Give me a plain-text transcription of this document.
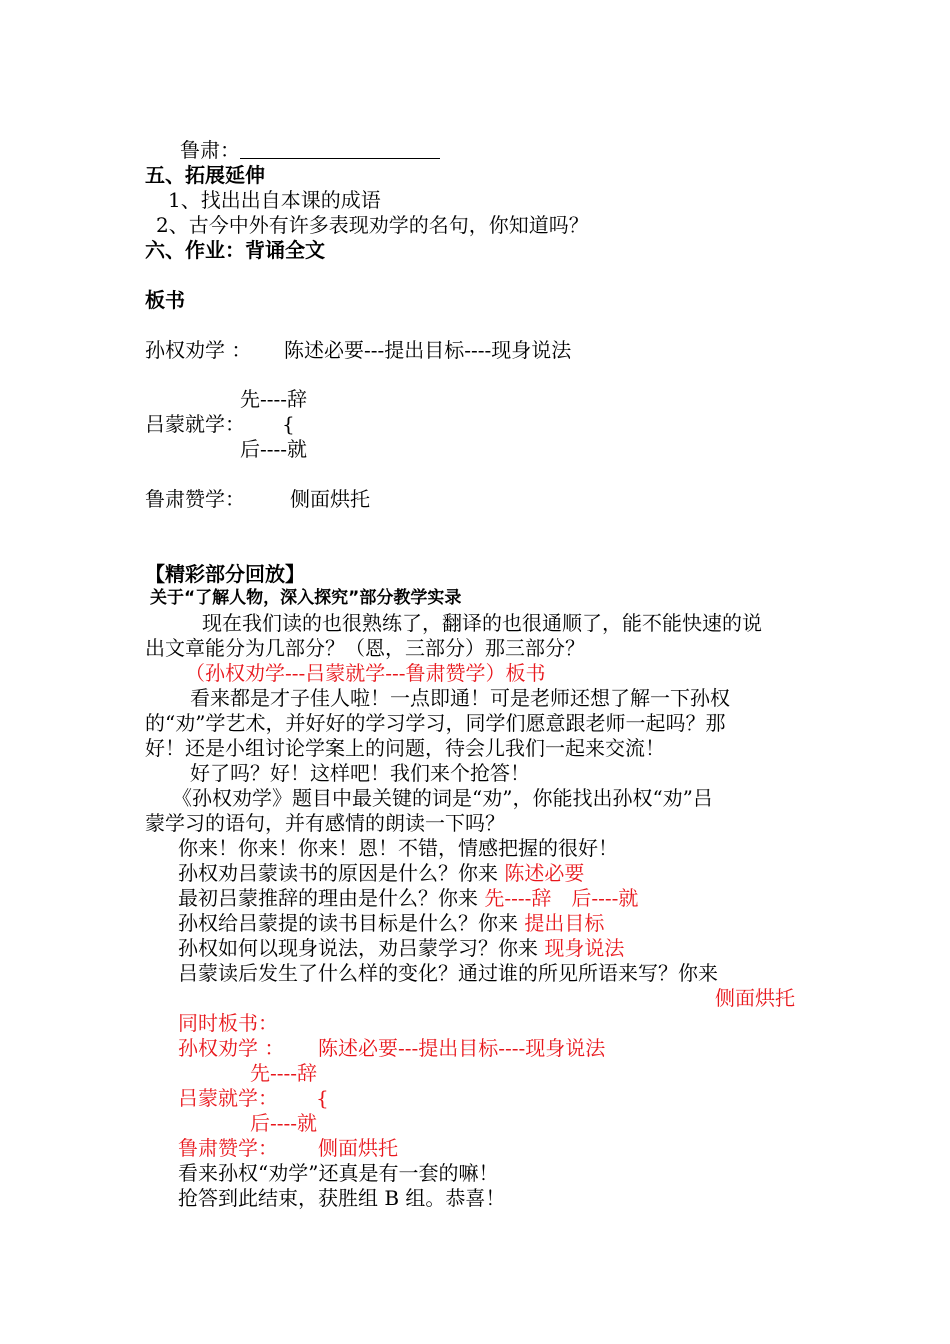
鲁肃：
五、拓展延伸
1、找出出自本课的成语
2、古今中外有许多表现劝学的名句，你知道吗？
六、作业：背诵全文
板书
孙权劝学 ： 陈述必要---提出目标----现身说法
先----辞
吕蒙就学： {
后----就
鲁肃赞学： 侧面烘托
【精彩部分回放】
关于“了解人物，深入探究”部分教学实录
现在我们读的也很熟练了，翻译的也很通顺了，能不能快速的说
出文章能分为几部分？（恩，三部分）那三部分？
（孙权劝学---吕蒙就学---鲁肃赞学）板书
看来都是才子佳人啦！一点即通！可是老师还想了解一下孙权
的“劝”学艺术，并好好的学习学习，同学们愿意跟老师一起吗？那
好！还是小组讨论学案上的问题，待会儿我们一起来交流！
好了吗？好！这样吧！我们来个抢答！
《孙权劝学》题目中最关键的词是“劝”，你能找出孙权“劝”吕
蒙学习的语句，并有感情的朗读一下吗？
你来！你来！你来！恩！不错，情感把握的很好！
孙权劝吕蒙读书的原因是什么？你来 陈述必要
最初吕蒙推辞的理由是什么？你来 先----辞　后----就
孙权给吕蒙提的读书目标是什么？你来 提出目标
孙权如何以现身说法，劝吕蒙学习？你来 现身说法
吕蒙读后发生了什么样的变化？通过谁的所见所语来写？你来
侧面烘托
同时板书：
孙权劝学 ： 陈述必要---提出目标----现身说法
先----辞
吕蒙就学： {
后----就
鲁肃赞学： 侧面烘托
看来孙权“劝学”还真是有一套的嘛！
抢答到此结束，获胜组 B 组。恭喜！
